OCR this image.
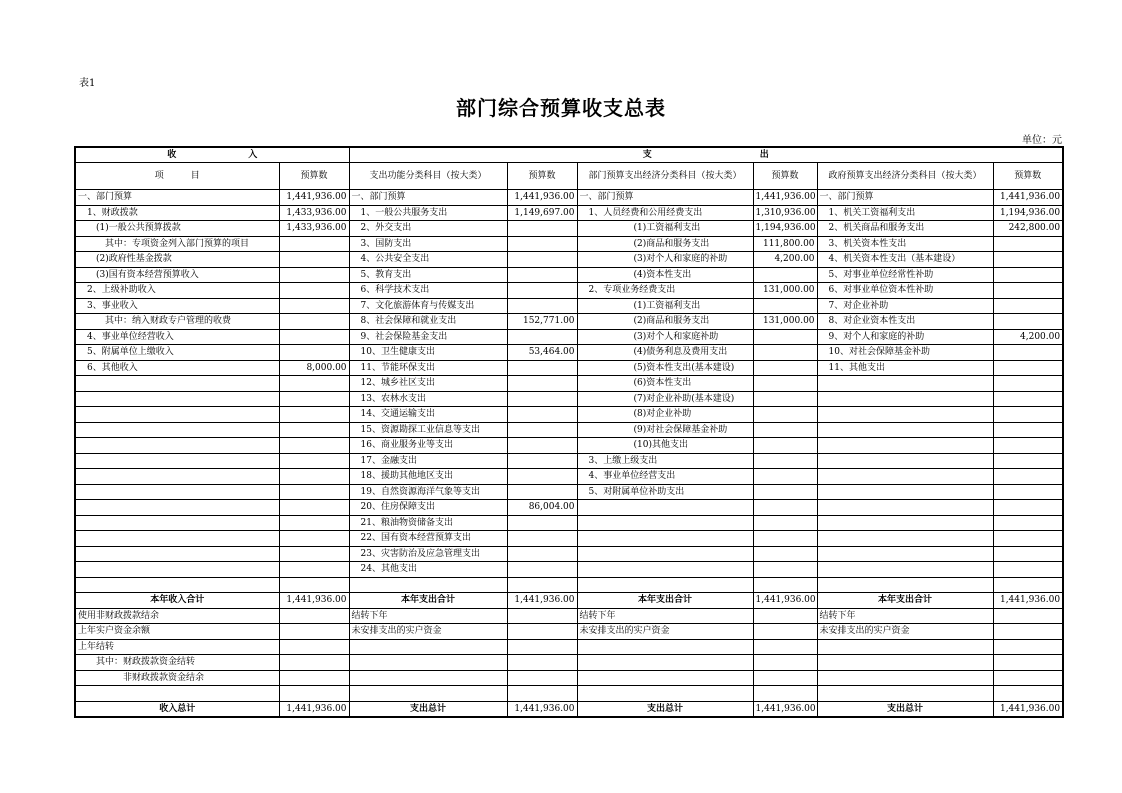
表1
部门综合预算收支总表
单位：元
收　　　　　　　　入		支　　　　　　　　　　　　出					
项　　　目	预算数	支出功能分类科目（按大类）	预算数	部门预算支出经济分类科目（按大类）	预算数	政府预算支出经济分类科目（按大类）	预算数
一、部门预算	1,441,936.00	一、部门预算	1,441,936.00	一、部门预算	1,441,936.00	一、部门预算	1,441,936.00
　1、财政拨款	1,433,936.00	　1、一般公共服务支出	1,149,697.00	　1、人员经费和公用经费支出	1,310,936.00	　1、机关工资福利支出	1,194,936.00
　　(1)一般公共预算拨款	1,433,936.00	　2、外交支出		　　　　　　(1)工资福利支出	1,194,936.00	　2、机关商品和服务支出	242,800.00
　　　其中：专项资金列入部门预算的项目		　3、国防支出		　　　　　　(2)商品和服务支出	111,800.00	　3、机关资本性支出	
　　(2)政府性基金拨款		　4、公共安全支出		　　　　　　(3)对个人和家庭的补助	4,200.00	　4、机关资本性支出（基本建设）	
　　(3)国有资本经营预算收入		　5、教育支出		　　　　　　(4)资本性支出		　5、对事业单位经常性补助	
　2、上级补助收入		　6、科学技术支出		　2、专项业务经费支出	131,000.00	　6、对事业单位资本性补助	
　3、事业收入		　7、文化旅游体育与传媒支出		　　　　　　(1)工资福利支出		　7、对企业补助	
　　　其中：纳入财政专户管理的收费		　8、社会保障和就业支出	152,771.00	　　　　　　(2)商品和服务支出	131,000.00	　8、对企业资本性支出	
　4、事业单位经营收入		　9、社会保险基金支出		　　　　　　(3)对个人和家庭补助		　9、对个人和家庭的补助	4,200.00
　5、附属单位上缴收入		　10、卫生健康支出	53,464.00	　　　　　　(4)债务利息及费用支出		　10、对社会保障基金补助	
　6、其他收入	8,000.00	　11、节能环保支出		　　　　　　(5)资本性支出(基本建设)		　11、其他支出	
		　12、城乡社区支出		　　　　　　(6)资本性支出			
		　13、农林水支出		　　　　　　(7)对企业补助(基本建设)			
		　14、交通运输支出		　　　　　　(8)对企业补助			
		　15、资源勘探工业信息等支出		　　　　　　(9)对社会保障基金补助			
		　16、商业服务业等支出		　　　　　　(10)其他支出			
		　17、金融支出		　3、上缴上级支出			
		　18、援助其他地区支出		　4、事业单位经营支出			
		　19、自然资源海洋气象等支出		　5、对附属单位补助支出			
		　20、住房保障支出	86,004.00				
		　21、粮油物资储备支出					
		　22、国有资本经营预算支出					
		　23、灾害防治及应急管理支出					
		　24、其他支出					

本年收入合计	1,441,936.00	本年支出合计	1,441,936.00	本年支出合计	1,441,936.00	本年支出合计	1,441,936.00
使用非财政拨款结余		结转下年		结转下年		结转下年	
上年实户资金余额		未安排支出的实户资金		未安排支出的实户资金		未安排支出的实户资金	
上年结转							
　　其中：财政拨款资金结转							
　　　　　非财政拨款资金结余							

收入总计	1,441,936.00	支出总计	1,441,936.00	支出总计	1,441,936.00	支出总计	1,441,936.00
